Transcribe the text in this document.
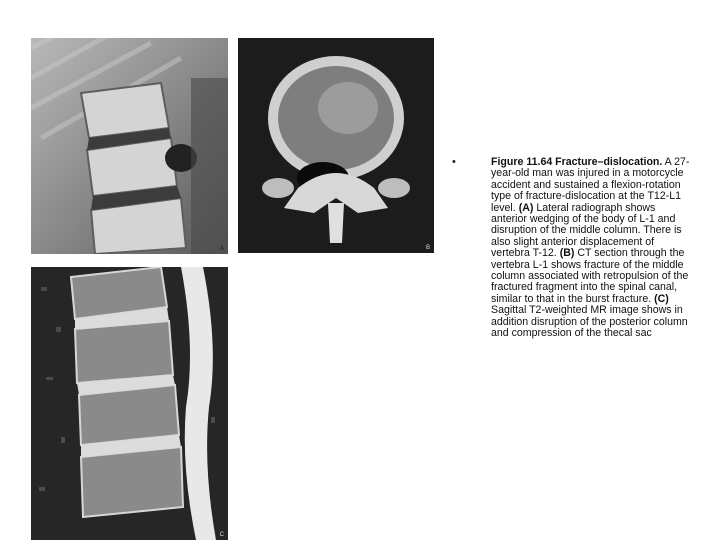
A	B
C
•	Figure 11.64 Fracture–dislocation. A 27-year-old man was injured in a motorcycle accident and sustained a flexion-rotation type of fracture-dislocation at the T12-L1 level. (A) Lateral radiograph shows anterior wedging of the body of L-1 and disruption of the middle column. There is also slight anterior displacement of vertebra T-12. (B) CT section through the vertebra L-1 shows fracture of the middle column associated with retropulsion of the fractured fragment into the spinal canal, similar to that in the burst fracture. (C) Sagittal T2-weighted MR image shows in addition disruption of the posterior column and compression of the thecal sac
